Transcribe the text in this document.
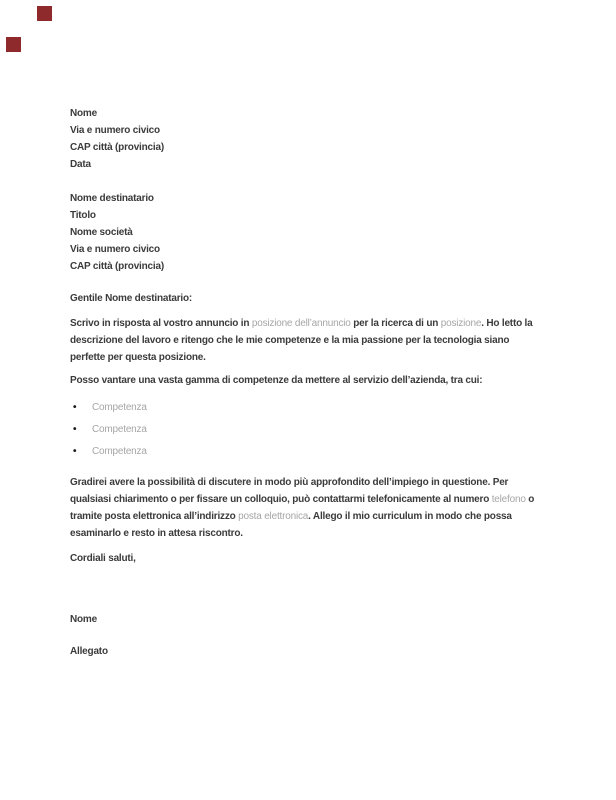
Nome
Via e numero civico
CAP città (provincia)
Data
Nome destinatario
Titolo
Nome società
Via e numero civico
CAP città (provincia)

Gentile Nome destinatario:

Scrivo in risposta al vostro annuncio in posizione dell’annuncio per la ricerca di un posizione. Ho letto la descrizione del lavoro e ritengo che le mie competenze e la mia passione per la tecnologia siano perfette per questa posizione.

Posso vantare una vasta gamma di competenze da mettere al servizio dell’azienda, tra cui:

•	Competenza
•	Competenza
•	Competenza

Gradirei avere la possibilità di discutere in modo più approfondito dell’impiego in questione. Per qualsiasi chiarimento o per fissare un colloquio, può contattarmi telefonicamente al numero telefono o tramite posta elettronica all’indirizzo posta elettronica. Allego il mio curriculum in modo che possa esaminarlo e resto in attesa riscontro.

Cordiali saluti,

Nome

Allegato
